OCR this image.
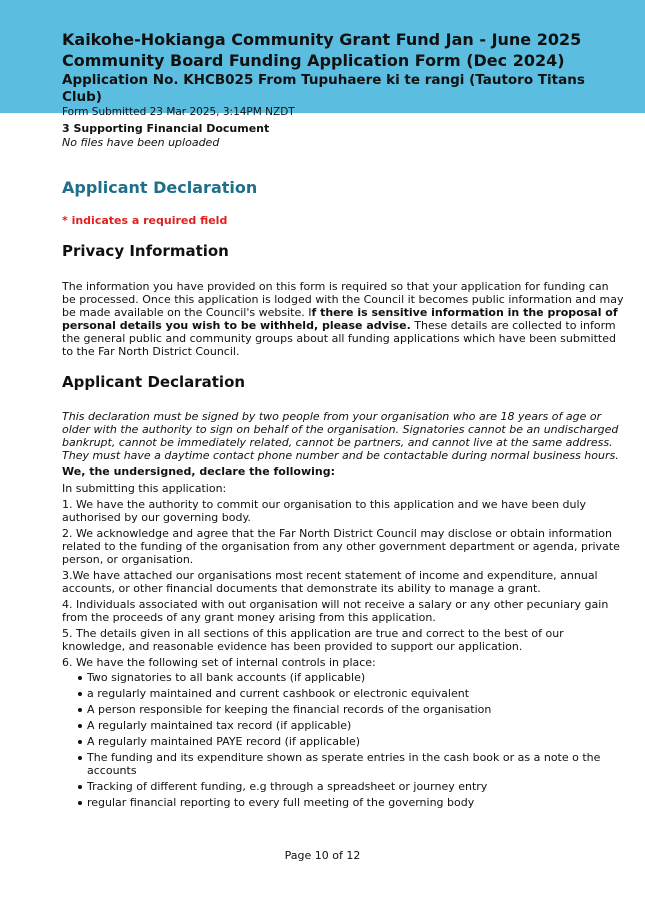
Kaikohe-Hokianga Community Grant Fund Jan - June 2025
Community Board Funding Application Form (Dec 2024)
Application No. KHCB025 From Tupuhaere ki te rangi (Tautoro Titans Club)
Form Submitted 23 Mar 2025, 3:14PM NZDT

3 Supporting Financial Document

No files have been uploaded

Applicant Declaration

* indicates a required field

Privacy Information

The information you have provided on this form is required so that your application for funding can be processed. Once this application is lodged with the Council it becomes public information and may be made available on the Council's website. If there is sensitive information in the proposal of personal details you wish to be withheld, please advise. These details are collected to inform the general public and community groups about all funding applications which have been submitted to the Far North District Council.

Applicant Declaration

This declaration must be signed by two people from your organisation who are 18 years of age or older with the authority to sign on behalf of the organisation. Signatories cannot be an undischarged bankrupt, cannot be immediately related, cannot be partners, and cannot live at the same address. They must have a daytime contact phone number and be contactable during normal business hours.

We, the undersigned, declare the following:

In submitting this application:

1. We have the authority to commit our organisation to this application and we have been duly authorised by our governing body.

2. We acknowledge and agree that the Far North District Council may disclose or obtain information related to the funding of the organisation from any other government department or agenda, private person, or organisation.

3.We have attached our organisations most recent statement of income and expenditure, annual accounts, or other financial documents that demonstrate its ability to manage a grant.

4. Individuals associated with out organisation will not receive a salary or any other pecuniary gain from the proceeds of any grant money arising from this application.

5. The details given in all sections of this application are true and correct to the best of our knowledge, and reasonable evidence has been provided to support our application.

6. We have the following set of internal controls in place:

Two signatories to all bank accounts (if applicable)
a regularly maintained and current cashbook or electronic equivalent
A person responsible for keeping the financial records of the organisation
A regularly maintained tax record (if applicable)
A regularly maintained PAYE record (if applicable)
The funding and its expenditure shown as sperate entries in the cash book or as a note o the accounts
Tracking of different funding, e.g through a spreadsheet or journey entry
regular financial reporting to every full meeting of the governing body
Page 10 of 12
